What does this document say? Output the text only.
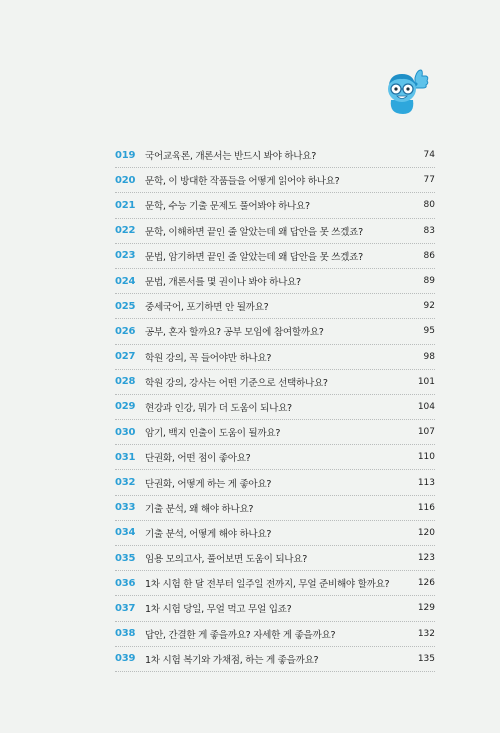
019	국어교육론, 개론서는 반드시 봐야 하나요?	74
020	문학, 이 방대한 작품들을 어떻게 읽어야 하나요?	77
021	문학, 수능 기출 문제도 풀어봐야 하나요?	80
022	문학, 이해하면 끝인 줄 알았는데 왜 답안을 못 쓰겠죠?	83
023	문법, 암기하면 끝인 줄 알았는데 왜 답안을 못 쓰겠죠?	86
024	문법, 개론서를 몇 권이나 봐야 하나요?	89
025	중세국어, 포기하면 안 될까요?	92
026	공부, 혼자 할까요? 공부 모임에 참여할까요?	95
027	학원 강의, 꼭 들어야만 하나요?	98
028	학원 강의, 강사는 어떤 기준으로 선택하나요?	101
029	현강과 인강, 뭐가 더 도움이 되나요?	104
030	암기, 백지 인출이 도움이 될까요?	107
031	단권화, 어떤 점이 좋아요?	110
032	단권화, 어떻게 하는 게 좋아요?	113
033	기출 분석, 왜 해야 하나요?	116
034	기출 분석, 어떻게 해야 하나요?	120
035	임용 모의고사, 풀어보면 도움이 되나요?	123
036	1차 시험 한 달 전부터 일주일 전까지, 무얼 준비해야 할까요?	126
037	1차 시험 당일, 무얼 먹고 무얼 입죠?	129
038	답안, 간결한 게 좋을까요? 자세한 게 좋을까요?	132
039	1차 시험 복기와 가채점, 하는 게 좋을까요?	135
